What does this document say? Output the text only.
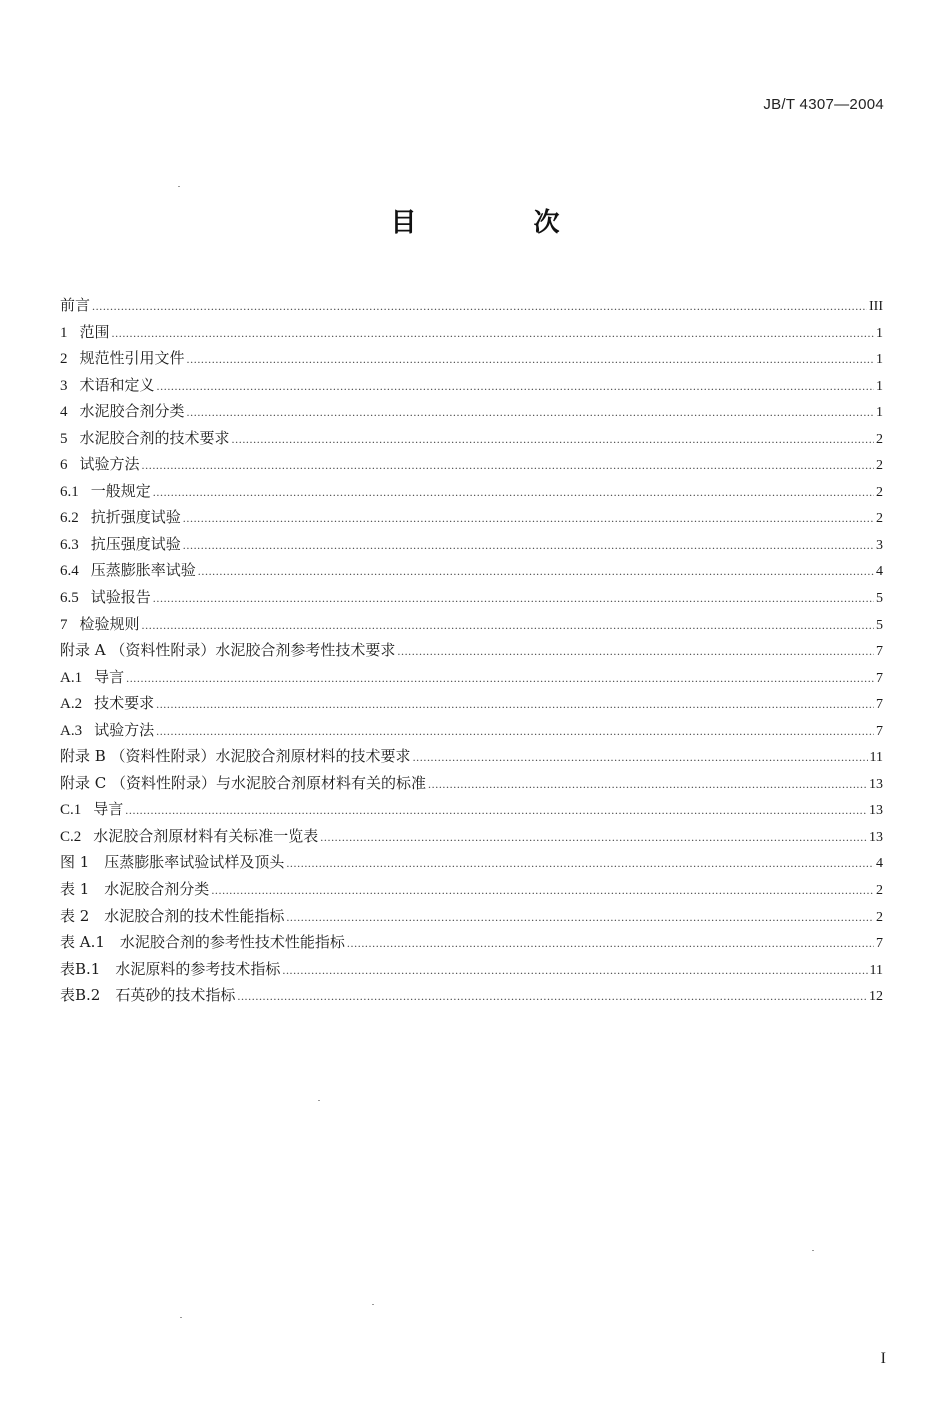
JB/T 4307—2004
目 次
前言 .....	III
1 范围 .....	1
2 规范性引用文件 .....	1
3 术语和定义 .....	1
4 水泥胶合剂分类 .....	1
5 水泥胶合剂的技术要求 .....	2
6 试验方法 .....	2
6.1 一般规定 .....	2
6.2 抗折强度试验 .....	2
6.3 抗压强度试验 .....	3
6.4 压蒸膨胀率试验 .....	4
6.5 试验报告 .....	5
7 检验规则 .....	5
附录 A （资料性附录）水泥胶合剂参考性技术要求 .....	7
A.1 导言 .....	7
A.2 技术要求 .....	7
A.3 试验方法 .....	7
附录 B （资料性附录）水泥胶合剂原材料的技术要求 .....	11
附录 C （资料性附录）与水泥胶合剂原材料有关的标准 .....	13
C.1 导言 .....	13
C.2 水泥胶合剂原材料有关标准一览表 .....	13
图 1　压蒸膨胀率试验试样及顶头 .....	4
表 1　水泥胶合剂分类 .....	2
表 2　水泥胶合剂的技术性能指标 .....	2
表 A.1　水泥胶合剂的参考性技术性能指标 .....	7
表B.1　水泥原料的参考技术指标 .....	11
表B.2　石英砂的技术指标 .....	12
I
